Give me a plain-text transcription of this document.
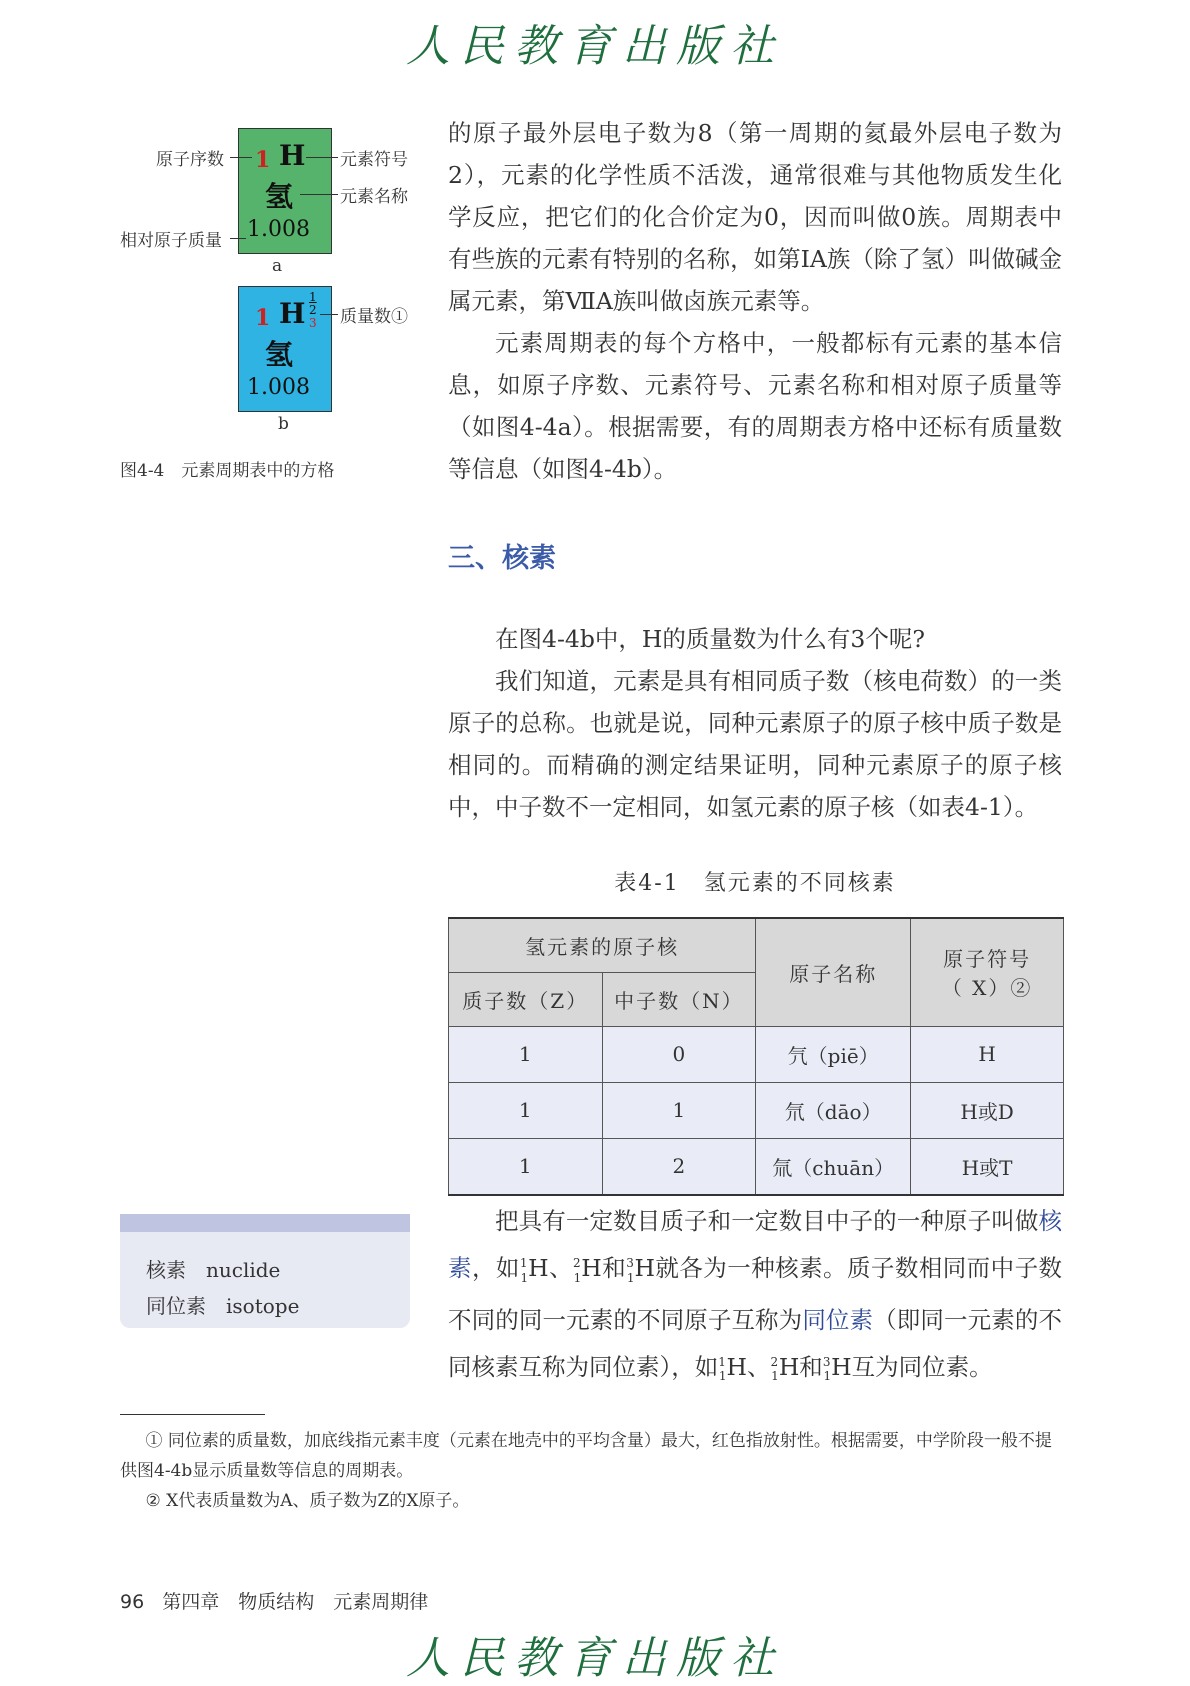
人民教育出版社
1 H
氢
1.008
a
1 H 1
2
3
氢
1.008
b
原子序数	元素符号
元素名称
相对原子质量
质量数①
图4-4　元素周期表中的方格

的原子最外层电子数为8（第一周期的氦最外层电子数为2），元素的化学性质不活泼，通常很难与其他物质发生化学反应，把它们的化合价定为0，因而叫做0族。周期表中有些族的元素有特别的名称，如第ⅠA族（除了氢）叫做碱金属元素，第ⅦA族叫做卤族元素等。

元素周期表的每个方格中，一般都标有元素的基本信息，如原子序数、元素符号、元素名称和相对原子质量等（如图4-4a）。根据需要，有的周期表方格中还标有质量数等信息（如图4-4b）。

三、核素

在图4-4b中，H的质量数为什么有3个呢?

我们知道，元素是具有相同质子数（核电荷数）的一类原子的总称。也就是说，同种元素原子的原子核中质子数是相同的。而精确的测定结果证明，同种元素原子的原子核中，中子数不一定相同，如氢元素的原子核（如表4-1）。

表4-1　氢元素的不同核素
氢元素的原子核		原子名称	原子符号
（ X）②

质子数（Z）	中子数（N）		
1	0	氕（piē）	H
1	1	氘（dāo）	H或D
1	2	氚（chuān）	H或T
核素　 nuclide
同位素　 isotope

把具有一定数目质子和一定数目中子的一种原子叫做核素，如$^1_1$H、$^2_1$H和$^3_1$H就各为一种核素。质子数相同而中子数不同的同一元素的不同原子互称为同位素（即同一元素的不同核素互称为同位素），如$^1_1$H、$^2_1$H和$^3_1$H互为同位素。

① 同位素的质量数，加底线指元素丰度（元素在地壳中的平均含量）最大，红色指放射性。根据需要，中学阶段一般不提供图4-4b显示质量数等信息的周期表。
② X代表质量数为A、质子数为Z的X原子。
96 第四章　物质结构　元素周期律
人民教育出版社
